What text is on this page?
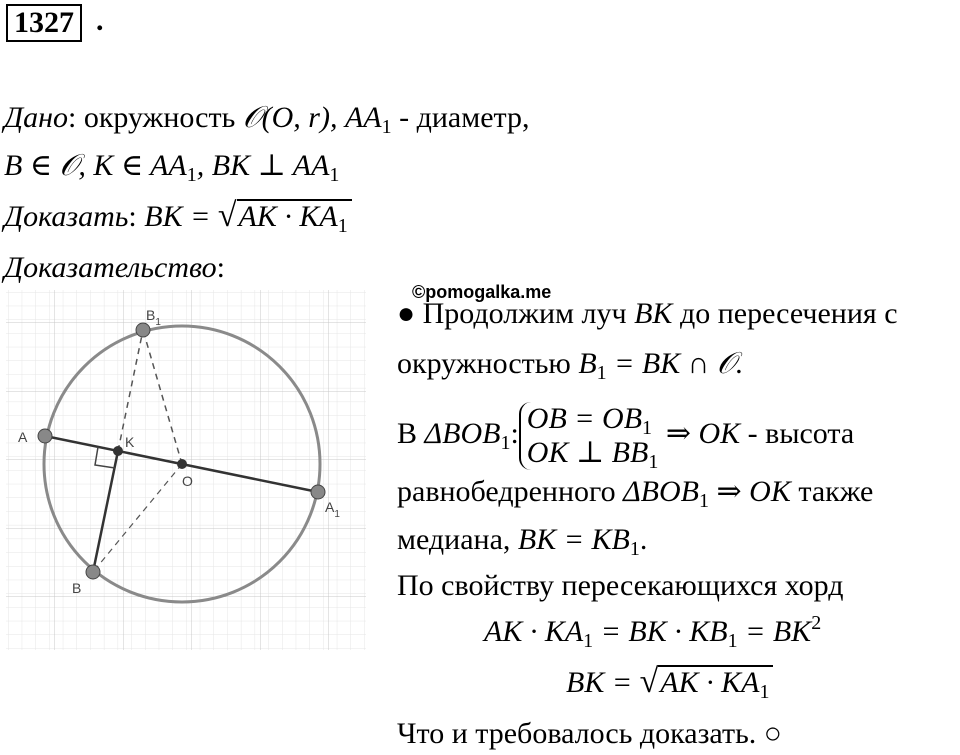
1327 .
Дано: окружность 𝒪(O, r), $AA_1$ - диаметр,
B ∈ 𝒪, K ∈ $AA_1$, BK ⊥ $AA_1$
Доказать: BK = $√AK \cdot KA_1$
Доказательство:
©pomogalka.me
A
$A_1$
B
$B_1$
K
O
● Продолжим луч BK до пересечения с
окружностью $B_1$ = BK ∩ 𝒪.
В $\Delta BOB_1$: OB = $OB_1$
OK ⊥ $BB_1$ ⇒ OK - высота
равнобедренного $\Delta BOB_1$ ⇒ OK также
медиана, BK = $KB_1$.
По свойству пересекающихся хорд
AK · $KA_1$ = BK · $KB_1 = BK^2$
BK = $√AK \cdot KA_1$
Что и требовалось доказать. ○
